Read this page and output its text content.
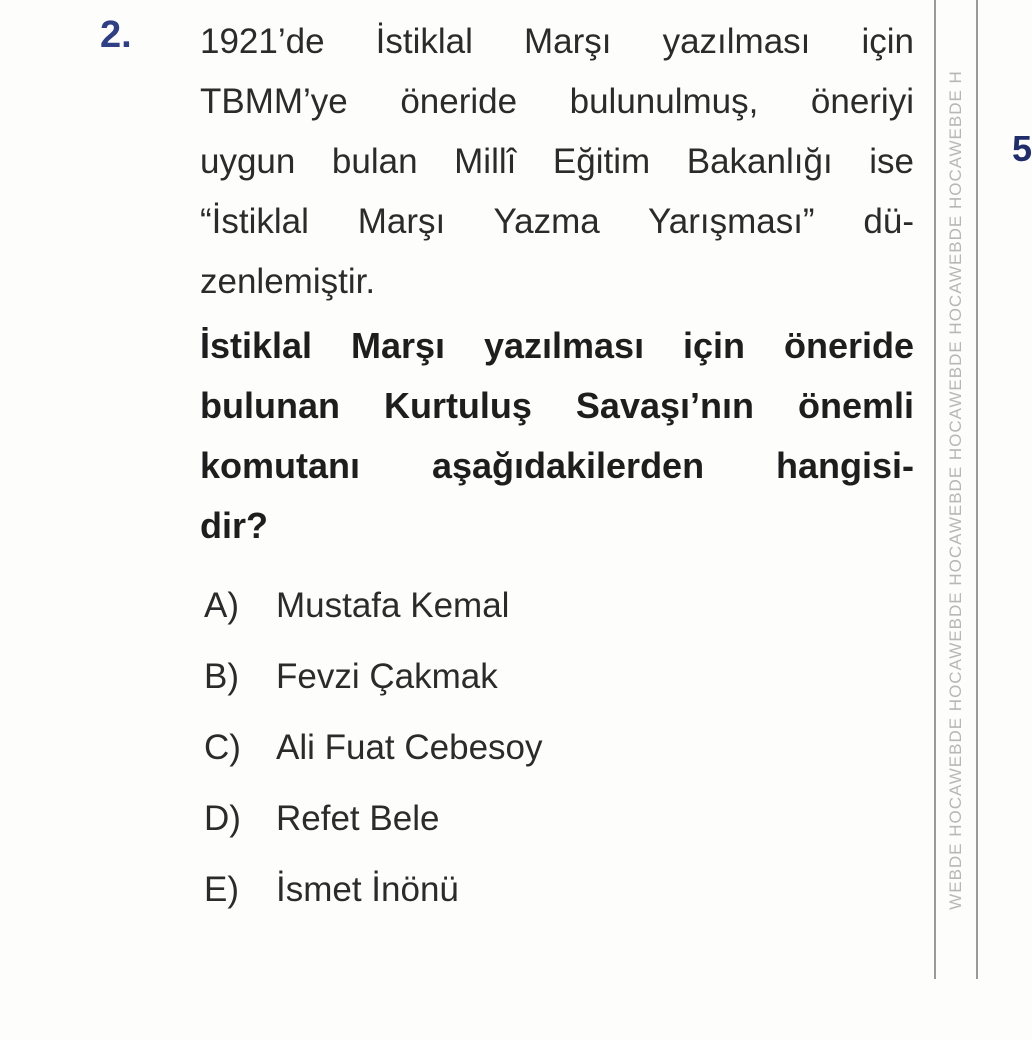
2. 1921’de İstiklal Marşı yazılması için
TBMM’ye öneride bulunulmuş, öneriyi
uygun bulan Millî Eğitim Bakanlığı ise
“İstiklal Marşı Yazma Yarışması” dü-
zenlemiştir.

İstiklal Marşı yazılması için öneride
bulunan Kurtuluş Savaşı’nın önemli
komutanı aşağıdakilerden hangisi-
dir?

A) Mustafa Kemal
B) Fevzi Çakmak
C) Ali Fuat Cebesoy
D) Refet Bele
E) İsmet İnönü	WEBDE HOCAWEBDE HOCAWEBDE HOCAWEBDE HOCAWEBDE HOCAWEBDE HOCAWEBDE H 5
